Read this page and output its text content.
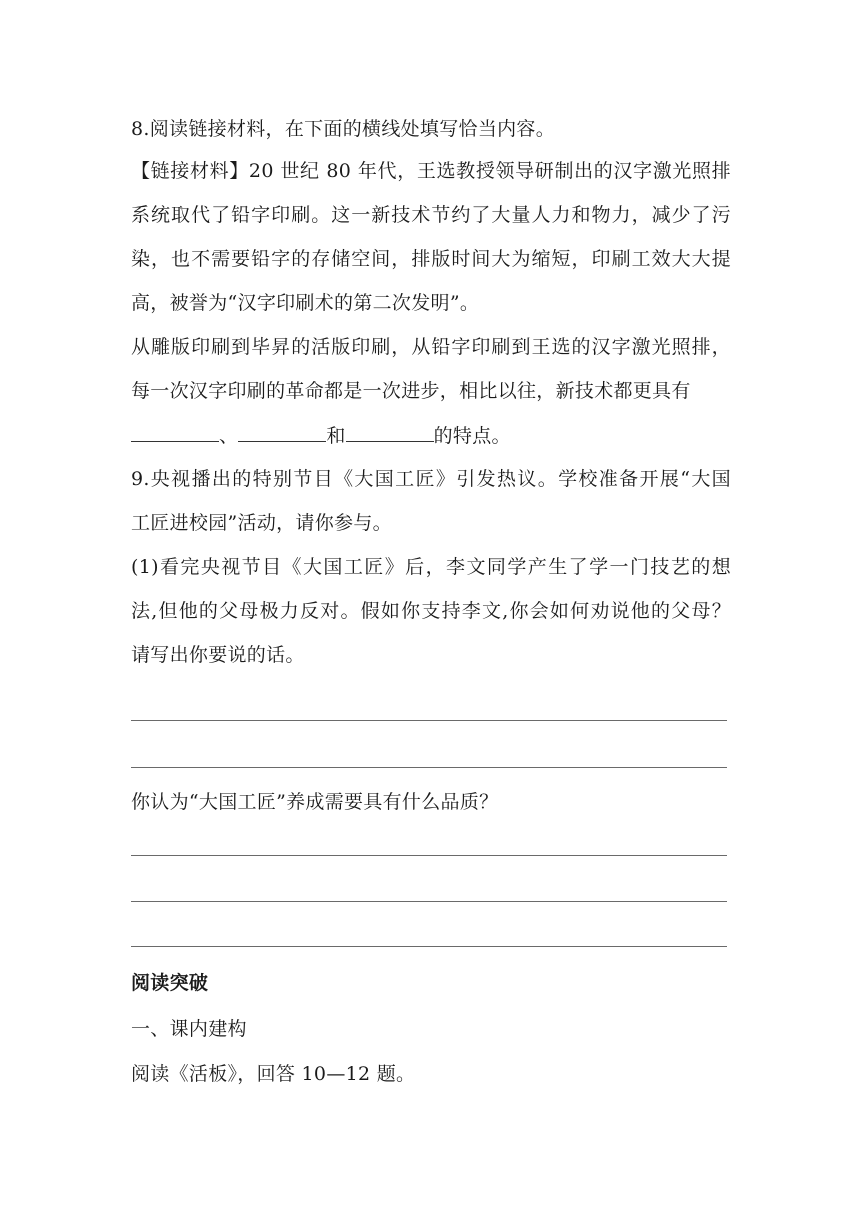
8.阅读链接材料，在下面的横线处填写恰当内容。
【链接材料】20 世纪 80 年代，王选教授领导研制出的汉字激光照排
系统取代了铅字印刷。这一新技术节约了大量人力和物力，减少了污
染，也不需要铅字的存储空间，排版时间大为缩短，印刷工效大大提
高，被誉为“汉字印刷术的第二次发明”。
从雕版印刷到毕昇的活版印刷，从铅字印刷到王选的汉字激光照排，
每一次汉字印刷的革命都是一次进步，相比以往，新技术都更具有
、	和	的特点。
9.央视播出的特别节目《大国工匠》引发热议。学校准备开展“大国
工匠进校园”活动，请你参与。
(1)看完央视节目《大国工匠》后，李文同学产生了学一门技艺的想
法,但他的父母极力反对。假如你支持李文,你会如何劝说他的父母？
请写出你要说的话。
你认为“大国工匠”养成需要具有什么品质？
阅读突破
一、课内建构
阅读《活板》，回答 10—12 题。
